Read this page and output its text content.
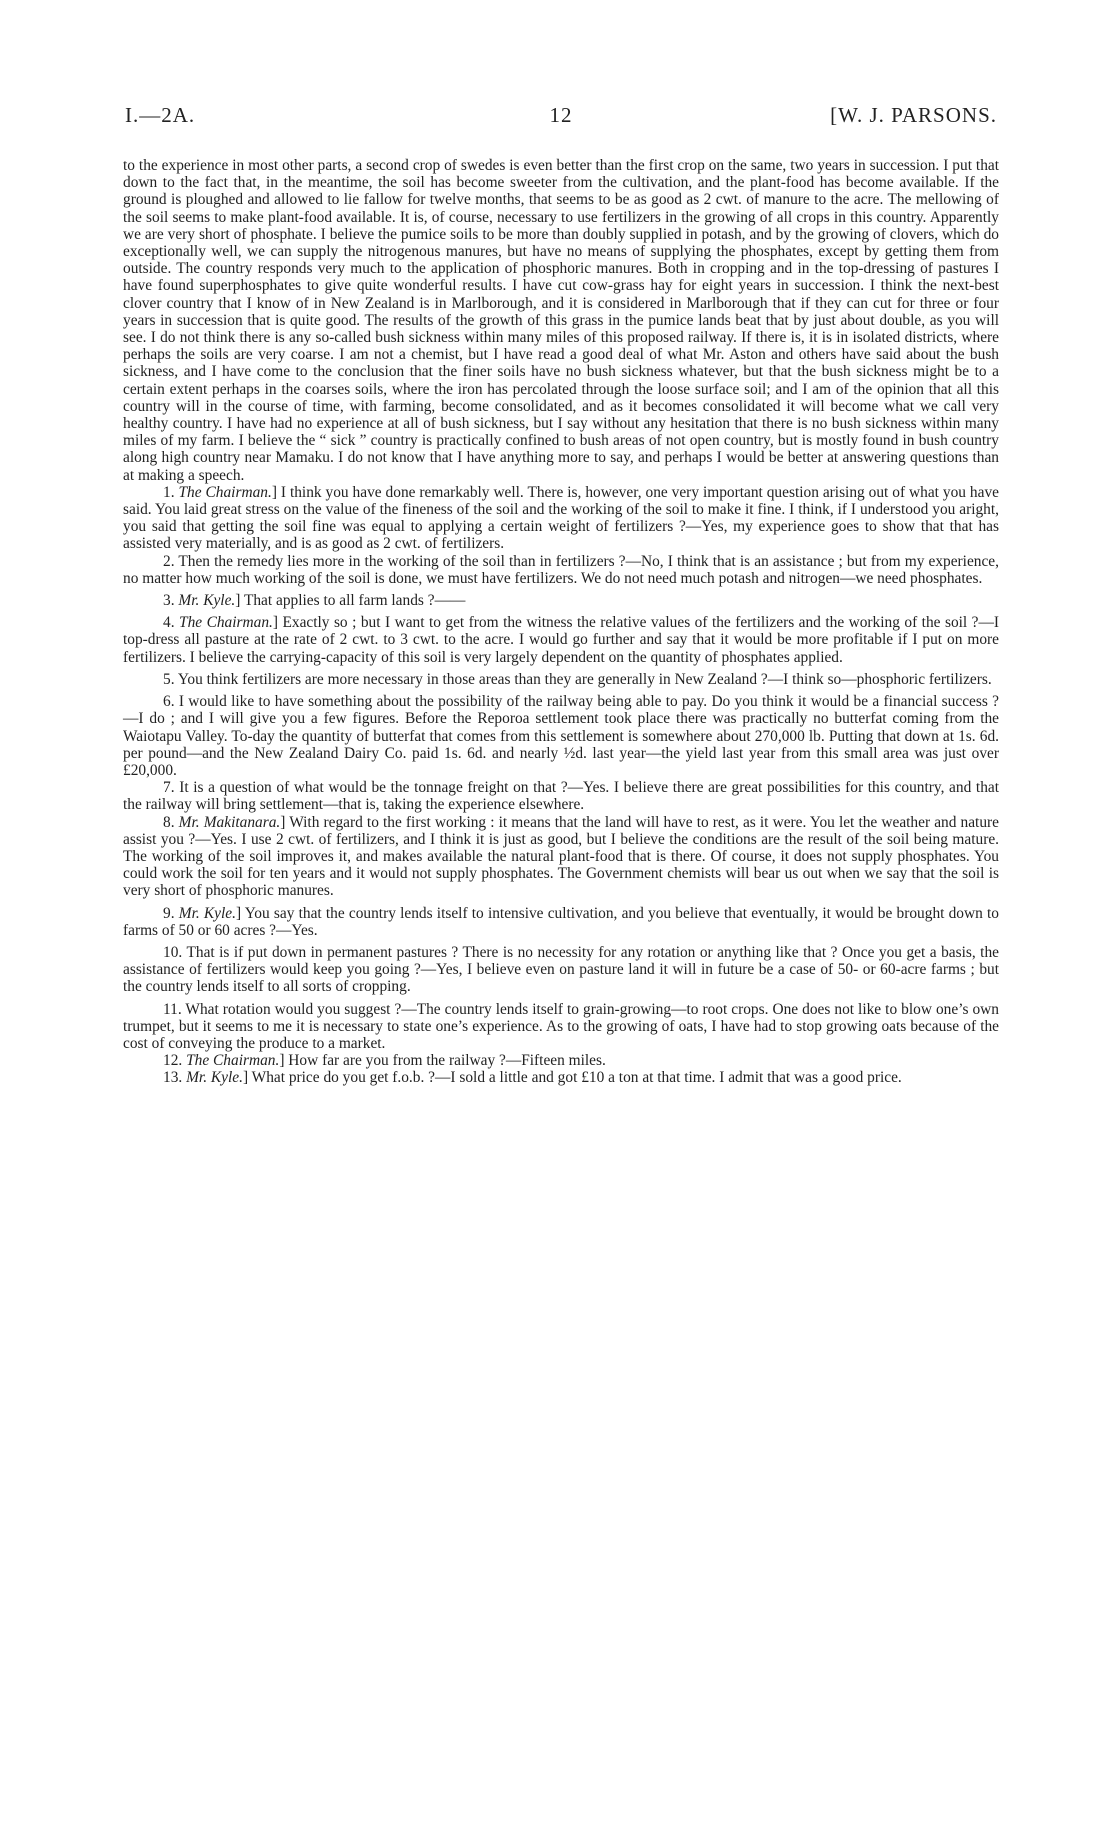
I.—2A.	12	[W. J. PARSONS.

to the experience in most other parts, a second crop of swedes is even better than the first crop on the same, two years in succession. I put that down to the fact that, in the meantime, the soil has become sweeter from the cultivation, and the plant-food has become available. If the ground is ploughed and allowed to lie fallow for twelve months, that seems to be as good as 2 cwt. of manure to the acre. The mellowing of the soil seems to make plant-food available. It is, of course, necessary to use fertilizers in the growing of all crops in this country. Apparently we are very short of phosphate. I believe the pumice soils to be more than doubly supplied in potash, and by the growing of clovers, which do exceptionally well, we can supply the nitrogenous manures, but have no means of supplying the phosphates, except by getting them from outside. The country responds very much to the application of phosphoric manures. Both in cropping and in the top-dressing of pastures I have found superphosphates to give quite wonderful results. I have cut cow-grass hay for eight years in succession. I think the next-best clover country that I know of in New Zealand is in Marlborough, and it is considered in Marlborough that if they can cut for three or four years in succession that is quite good. The results of the growth of this grass in the pumice lands beat that by just about double, as you will see. I do not think there is any so-called bush sickness within many miles of this proposed railway. If there is, it is in isolated districts, where perhaps the soils are very coarse. I am not a chemist, but I have read a good deal of what Mr. Aston and others have said about the bush sickness, and I have come to the conclusion that the finer soils have no bush sickness whatever, but that the bush sickness might be to a certain extent perhaps in the coarses soils, where the iron has percolated through the loose surface soil; and I am of the opinion that all this country will in the course of time, with farming, become consolidated, and as it becomes consolidated it will become what we call very healthy country. I have had no experience at all of bush sickness, but I say without any hesitation that there is no bush sickness within many miles of my farm. I believe the “ sick ” country is practically confined to bush areas of not open country, but is mostly found in bush country along high country near Mamaku. I do not know that I have anything more to say, and perhaps I would be better at answering questions than at making a speech.

1. The Chairman.] I think you have done remarkably well. There is, however, one very important question arising out of what you have said. You laid great stress on the value of the fineness of the soil and the working of the soil to make it fine. I think, if I understood you aright, you said that getting the soil fine was equal to applying a certain weight of fertilizers ?—Yes, my experience goes to show that that has assisted very materially, and is as good as 2 cwt. of fertilizers.

2. Then the remedy lies more in the working of the soil than in fertilizers ?—No, I think that is an assistance ; but from my experience, no matter how much working of the soil is done, we must have fertilizers. We do not need much potash and nitrogen—we need phosphates.

3. Mr. Kyle.] That applies to all farm lands ?——

4. The Chairman.] Exactly so ; but I want to get from the witness the relative values of the fertilizers and the working of the soil ?—I top-dress all pasture at the rate of 2 cwt. to 3 cwt. to the acre. I would go further and say that it would be more profitable if I put on more fertilizers. I believe the carrying-capacity of this soil is very largely dependent on the quantity of phosphates applied.

5. You think fertilizers are more necessary in those areas than they are generally in New Zealand ?—I think so—phosphoric fertilizers.

6. I would like to have something about the possibility of the railway being able to pay. Do you think it would be a financial success ?—I do ; and I will give you a few figures. Before the Reporoa settlement took place there was practically no butterfat coming from the Waiotapu Valley. To-day the quantity of butterfat that comes from this settlement is somewhere about 270,000 lb. Putting that down at 1s. 6d. per pound—and the New Zealand Dairy Co. paid 1s. 6d. and nearly ½d. last year—the yield last year from this small area was just over £20,000.

7. It is a question of what would be the tonnage freight on that ?—Yes. I believe there are great possibilities for this country, and that the railway will bring settlement—that is, taking the experience elsewhere.

8. Mr. Makitanara.] With regard to the first working : it means that the land will have to rest, as it were. You let the weather and nature assist you ?—Yes. I use 2 cwt. of fertilizers, and I think it is just as good, but I believe the conditions are the result of the soil being mature. The working of the soil improves it, and makes available the natural plant-food that is there. Of course, it does not supply phosphates. You could work the soil for ten years and it would not supply phosphates. The Government chemists will bear us out when we say that the soil is very short of phosphoric manures.

9. Mr. Kyle.] You say that the country lends itself to intensive cultivation, and you believe that eventually, it would be brought down to farms of 50 or 60 acres ?—Yes.

10. That is if put down in permanent pastures ? There is no necessity for any rotation or anything like that ? Once you get a basis, the assistance of fertilizers would keep you going ?—Yes, I believe even on pasture land it will in future be a case of 50- or 60-acre farms ; but the country lends itself to all sorts of cropping.

11. What rotation would you suggest ?—The country lends itself to grain-growing—to root crops. One does not like to blow one’s own trumpet, but it seems to me it is necessary to state one’s experience. As to the growing of oats, I have had to stop growing oats because of the cost of conveying the produce to a market.

12. The Chairman.] How far are you from the railway ?—Fifteen miles.

13. Mr. Kyle.] What price do you get f.o.b. ?—I sold a little and got £10 a ton at that time. I admit that was a good price.
